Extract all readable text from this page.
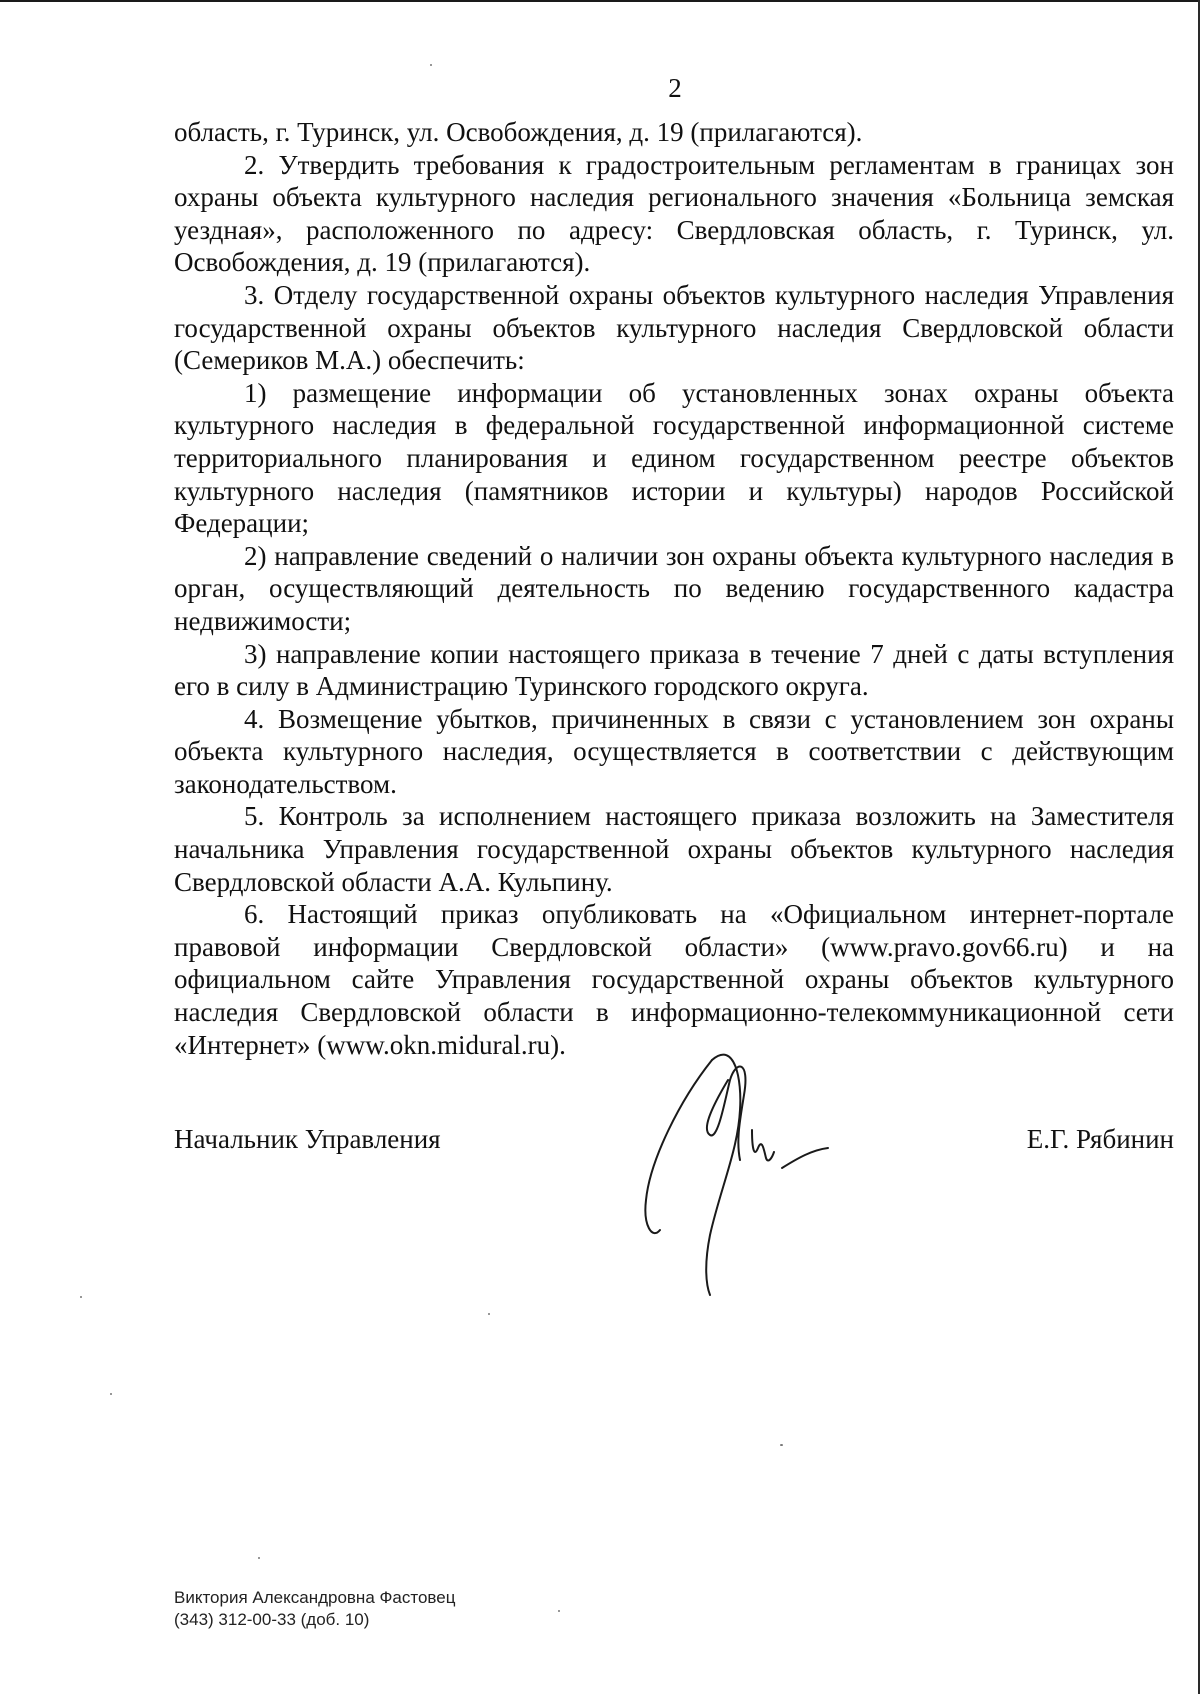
2

область, г. Туринск, ул. Освобождения, д. 19 (прилагаются).

2. Утвердить требования к градостроительным регламентам в границах зон охраны объекта культурного наследия регионального значения «Больница земская уездная», расположенного по адресу: Свердловская область, г. Туринск, ул. Освобождения, д. 19 (прилагаются).

3. Отделу государственной охраны объектов культурного наследия Управления государственной охраны объектов культурного наследия Свердловской области (Семериков М.А.) обеспечить:

1) размещение информации об установленных зонах охраны объекта культурного наследия в федеральной государственной информационной системе территориального планирования и едином государственном реестре объектов культурного наследия (памятников истории и культуры) народов Российской Федерации;

2) направление сведений о наличии зон охраны объекта культурного наследия в орган, осуществляющий деятельность по ведению государственного кадастра недвижимости;

3) направление копии настоящего приказа в течение 7 дней с даты вступления его в силу в Администрацию Туринского городского округа.

4. Возмещение убытков, причиненных в связи с установлением зон охраны объекта культурного наследия, осуществляется в соответствии с действующим законодательством.

5. Контроль за исполнением настоящего приказа возложить на Заместителя начальника Управления государственной охраны объектов культурного наследия Свердловской области А.А. Кульпину.

6. Настоящий приказ опубликовать на «Официальном интернет-портале правовой информации Свердловской области» (www.pravo.gov66.ru) и на официальном сайте Управления государственной охраны объектов культурного наследия Свердловской области в информационно-телекоммуникационной сети «Интернет» (www.okn.midural.ru).

Начальник Управления	Е.Г. Рябинин
Виктория Александровна Фастовец
(343) 312-00-33 (доб. 10)
